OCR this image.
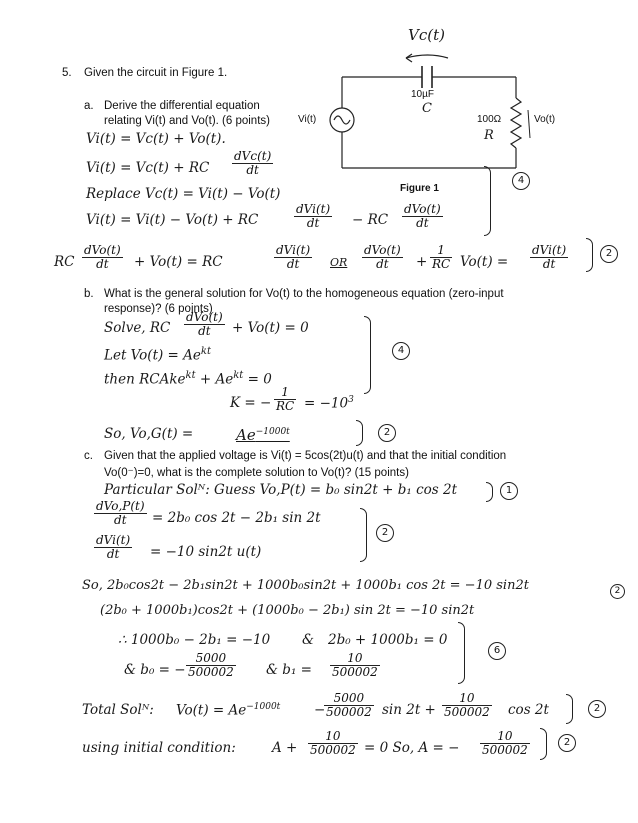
5. Given the circuit in Figure 1.
Vc(t)
10µF
C
100Ω
R
Vi(t)	Vo(t)
Figure 1
a. Derive the differential equation
relating Vi(t) and Vo(t). (6 points)
Vi(t) = Vc(t) + Vo(t).
Vi(t) = Vc(t) + RC
dVc(t)
dt
Replace Vc(t) = Vi(t) − Vo(t)
Vi(t) = Vi(t) − Vo(t) + RC
dVi(t)
dt	− RC
dVo(t)
dt
RC
dVo(t)
dt	+ Vo(t) = RC
dVi(t)
dt	OR
dVo(t)
dt	+ $\frac{1}{RC} Vo(t)$ =
dVi(t)
dt
4
2
b. What is the general solution for Vo(t) to the homogeneous equation (zero-input
response)? (6 points)
Solve, RC
dVo(t)
dt	+ Vo(t) = 0
Let $Vo(t) = Ae^{kt}$
then RCAke$^{kt}$ + $Ae^{kt} = 0$
K = − $\frac{1}{RC} = -10^3$
So, Vo,G(t) =	$Ae^{-1000t}$
4
2
c. Given that the applied voltage is Vi(t) = 5cos(2t)u(t) and that the initial condition
Vo(0⁻)=0, what is the complete solution to Vo(t)? (15 points)
Particular Solᴺ: Guess Vo,P(t) = b₀ sin2t + b₁ cos 2t	1
dVo,P(t)
dt	= 2b₀ cos 2t − 2b₁ sin 2t
dVi(t)
dt	= −10 sin2t u(t)
2
So, 2b₀cos2t − 2b₁sin2t + 1000b₀sin2t + 1000b₁ cos 2t = −10 sin2t	2
(2b₀ + 1000b₁)cos2t + (1000b₀ − 2b₁) sin 2t = −10 sin2t
∴ 1000b₀ − 2b₁ = −10 & 2b₀ + 1000b₁ = 0
& b₀ = − $\frac{5000}{500002}$ & $b_1 = \frac{10}{500002}$
6
Total Solᴺ: $Vo(t) = Ae^{-1000t}$ −
$\frac{5000}{500002}$ $\sin 2t + \frac{10}{500002}$ cos 2t	2
using initial condition:	$A + \frac{10}{500002} = 0$ So, A = − $\frac{10}{500002}$	2
